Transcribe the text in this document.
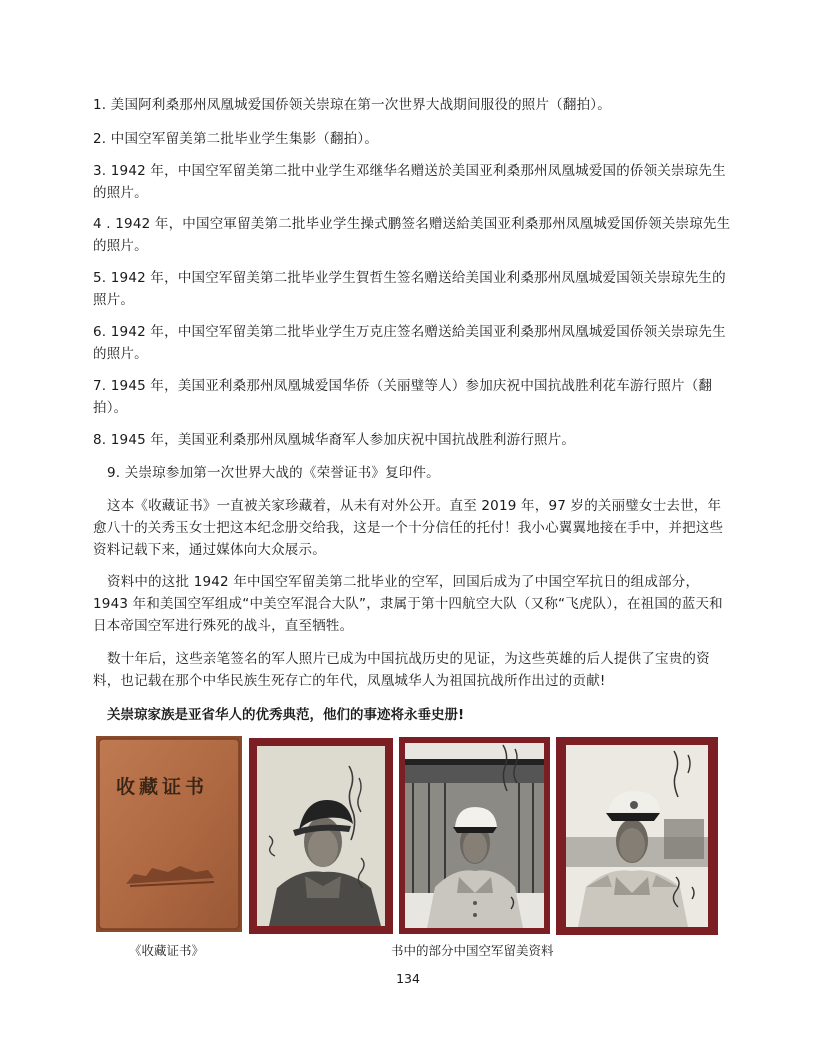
1. 美国阿利桑那州凤凰城爱国侨领关崇琼在第一次世界大战期间服役的照片（翻拍）。

2. 中国空军留美第二批毕业学生集影（翻拍）。

3. 1942 年，中国空军留美第二批中业学生邓继华名赠送於美国亚利桑那州凤凰城爱国的侨领关崇琼先生的照片。

4 . 1942 年，中国空軍留美第二批毕业学生操式鹏签名赠送給美国亚利桑那州凤凰城爱国侨领关崇琼先生的照片。

5. 1942 年，中国空军留美第二批毕业学生賀哲生签名赠送给美国业利桑那州凤凰城爱国领关崇琼先生的照片。

6. 1942 年，中国空军留美第二批毕业学生万克庄签名赠送給美国亚利桑那州凤凰城爱国侨领关崇琼先生的照片。

7. 1945 年，美国亚利桑那州凤凰城爱国华侨（关丽璧等人）参加庆祝中国抗战胜利花车游行照片（翻拍）。

8. 1945 年，美国亚利桑那州凤凰城华裔军人参加庆祝中国抗战胜利游行照片。

9. 关崇琼参加第一次世界大战的《荣誉证书》复印件。

这本《收藏证书》一直被关家珍藏着，从未有对外公开。直至 2019 年，97 岁的关丽璧女士去世，年愈八十的关秀玉女士把这本纪念册交给我，这是一个十分信任的托付！我小心翼翼地接在手中，并把这些资料记载下来，通过媒体向大众展示。

资料中的这批 1942 年中国空军留美第二批毕业的空军，回国后成为了中国空军抗日的组成部分，1943 年和美国空军组成“中美空军混合大队”，隶属于第十四航空大队（又称“飞虎队），在祖国的蓝天和日本帝国空军进行殊死的战斗，直至牺牲。

数十年后，这些亲笔签名的军人照片已成为中国抗战历史的见证，为这些英雄的后人提供了宝贵的资料，也记载在那个中华民族生死存亡的年代，凤凰城华人为祖国抗战所作出过的贡献!

关崇琼家族是亚省华人的优秀典范，他们的事迹将永垂史册!

收藏证书

《收藏证书》	书中的部分中国空军留美资料

134
